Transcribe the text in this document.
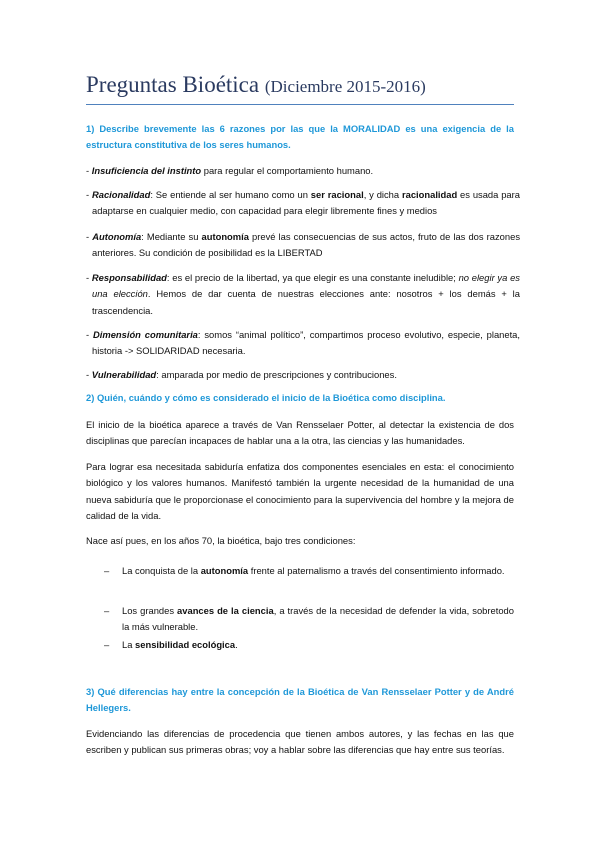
Preguntas Bioética (Diciembre 2015-2016)
1) Describe brevemente las 6 razones por las que la MORALIDAD es una exigencia de la estructura constitutiva de los seres humanos.
- Insuficiencia del instinto para regular el comportamiento humano.
- Racionalidad: Se entiende al ser humano como un ser racional, y dicha racionalidad es usada para adaptarse en cualquier medio, con capacidad para elegir libremente fines y medios
- Autonomía: Mediante su autonomía prevé las consecuencias de sus actos, fruto de las dos razones anteriores. Su condición de posibilidad es la LIBERTAD
- Responsabilidad: es el precio de la libertad, ya que elegir es una constante ineludible; no elegir ya es una elección. Hemos de dar cuenta de nuestras elecciones ante: nosotros + los demás + la trascendencia.
- Dimensión comunitaria: somos “animal político”, compartimos proceso evolutivo, especie, planeta, historia -> SOLIDARIDAD necesaria.
- Vulnerabilidad: amparada por medio de prescripciones y contribuciones.
2) Quién, cuándo y cómo es considerado el inicio de la Bioética como disciplina.
El inicio de la bioética aparece a través de Van Rensselaer Potter, al detectar la existencia de dos disciplinas que parecían incapaces de hablar una a la otra, las ciencias y las humanidades.
Para lograr esa necesitada sabiduría enfatiza dos componentes esenciales en esta: el conocimiento biológico y los valores humanos. Manifestó también la urgente necesidad de la humanidad de una nueva sabiduría que le proporcionase el conocimiento para la supervivencia del hombre y la mejora de calidad de la vida.
Nace así pues, en los años 70, la bioética, bajo tres condiciones:
– La conquista de la autonomía frente al paternalismo a través del consentimiento informado.
– Los grandes avances de la ciencia, a través de la necesidad de defender la vida, sobretodo la más vulnerable.
– La sensibilidad ecológica.
3) Qué diferencias hay entre la concepción de la Bioética de Van Rensselaer Potter y de André Hellegers.
Evidenciando las diferencias de procedencia que tienen ambos autores, y las fechas en las que escriben y publican sus primeras obras; voy a hablar sobre las diferencias que hay entre sus teorías.
